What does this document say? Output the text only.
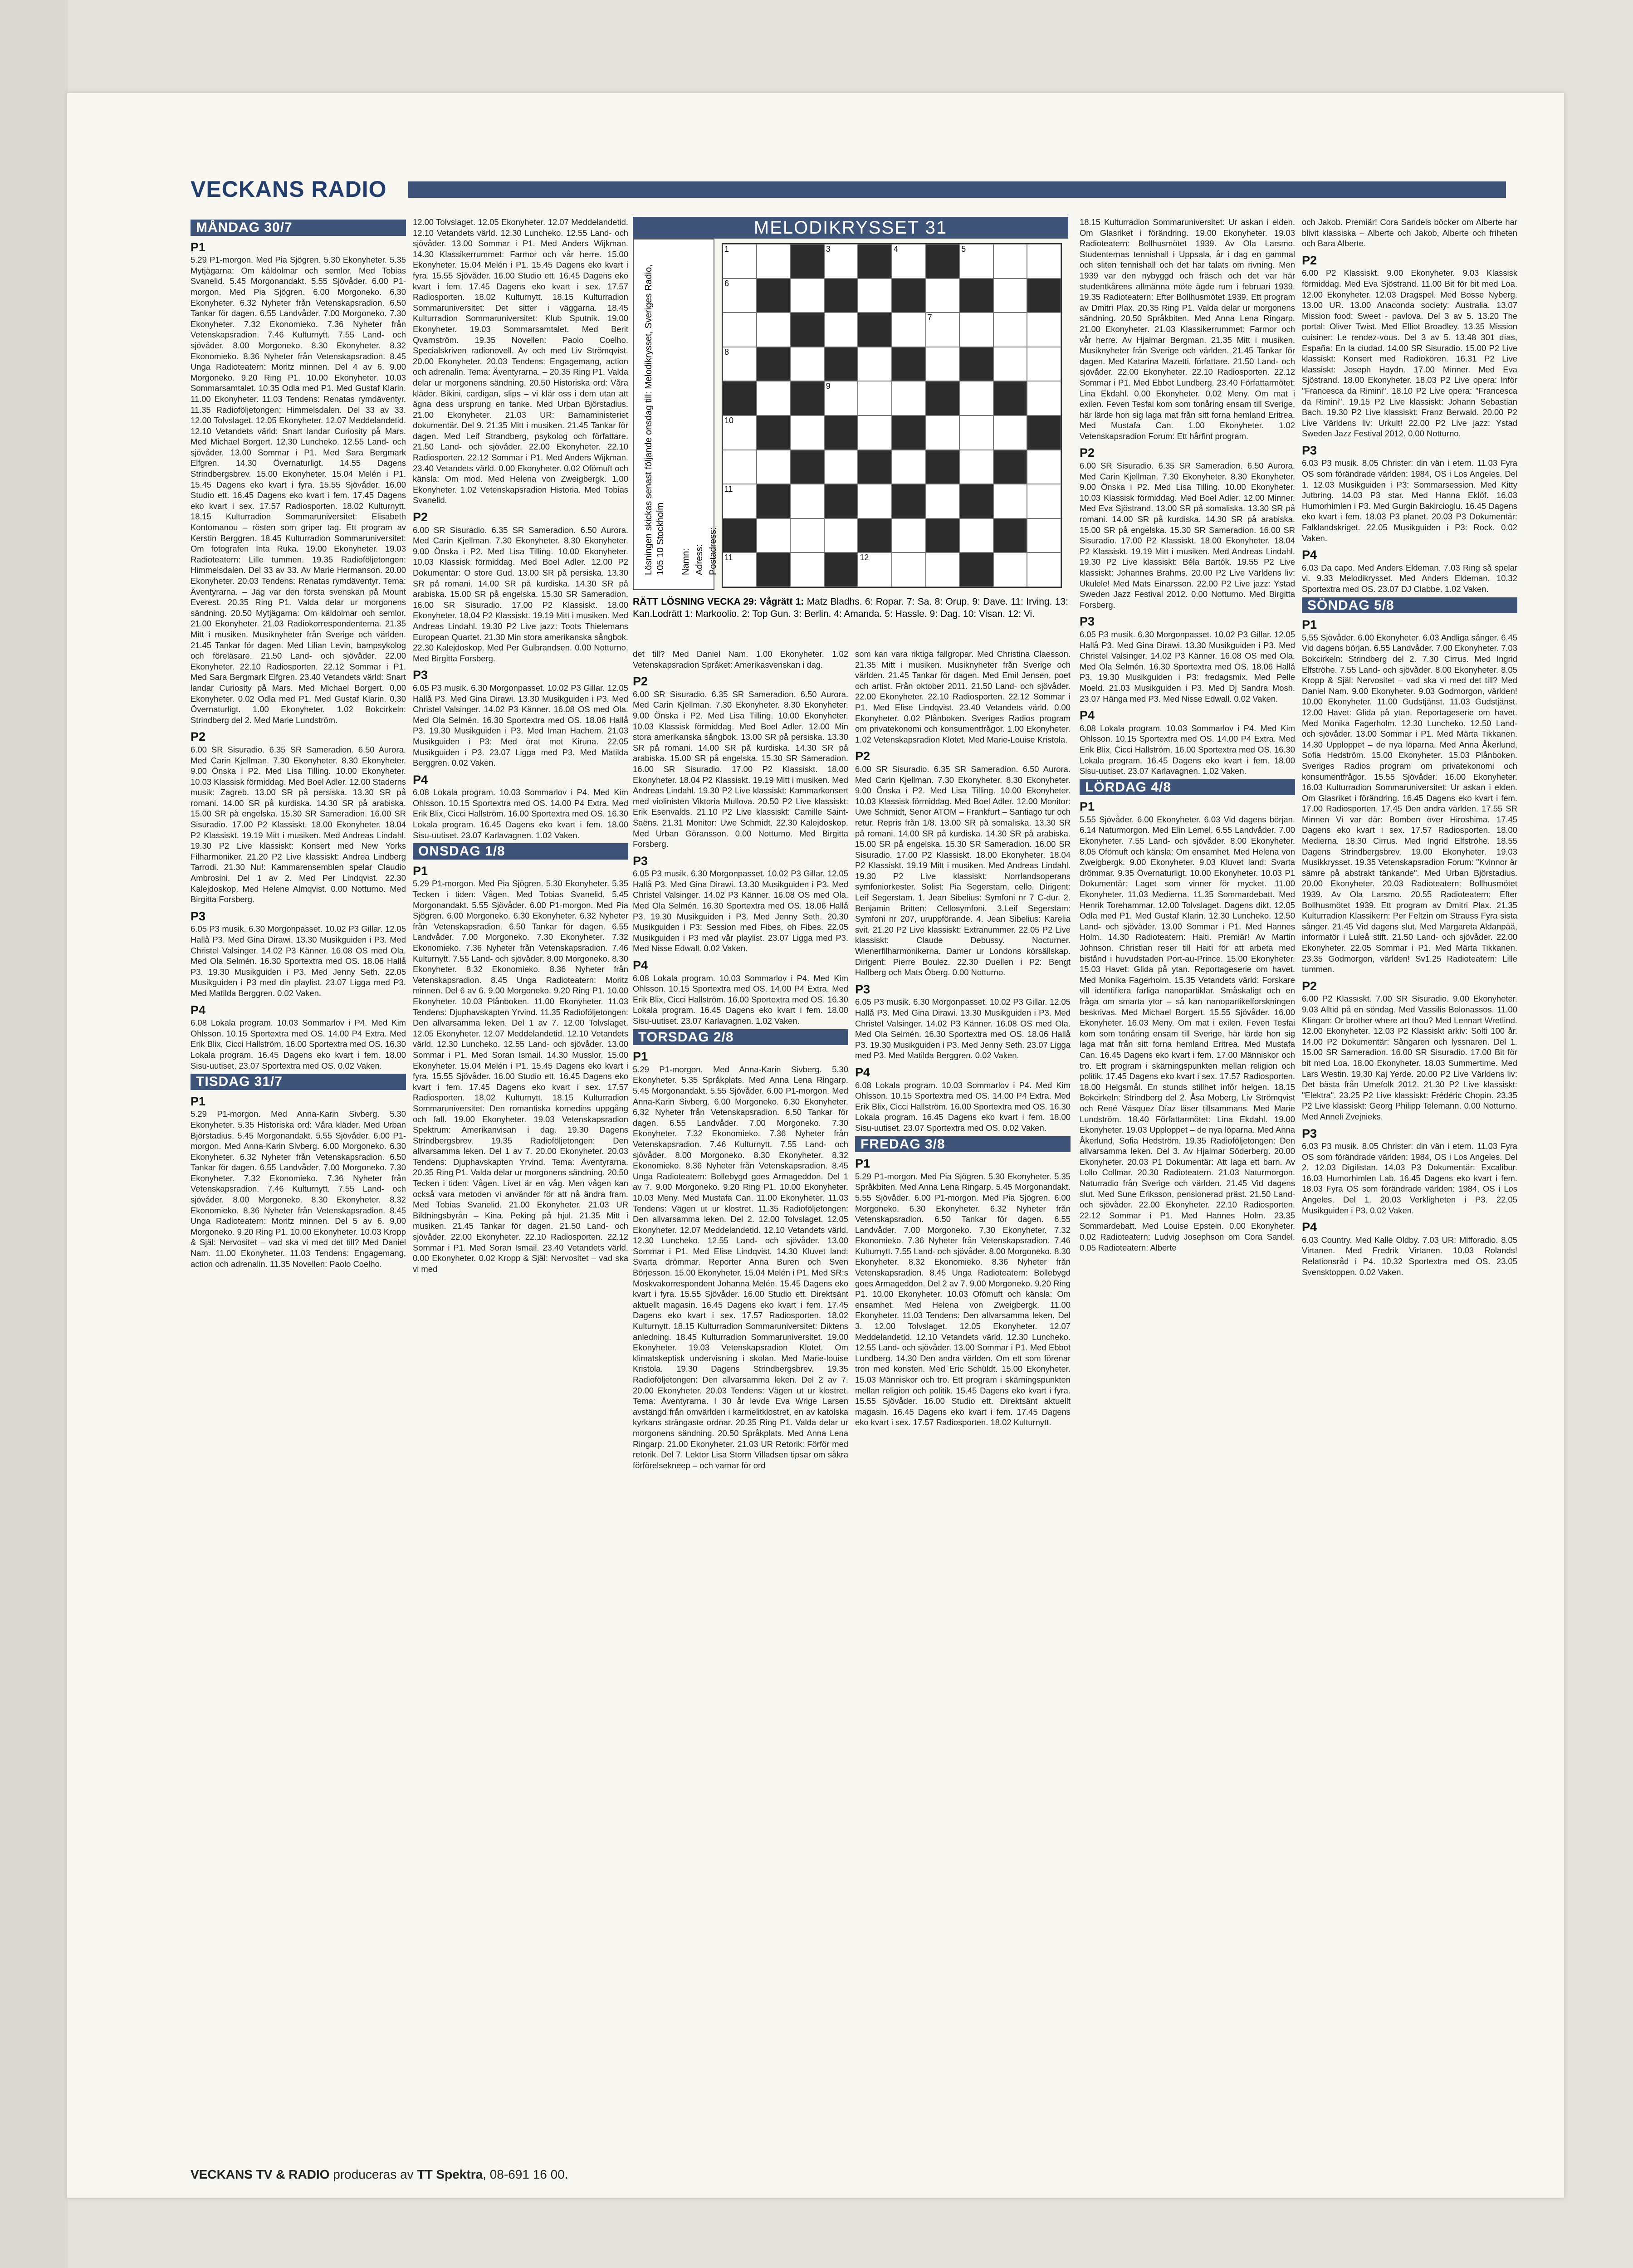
VECKANS RADIO
MÅNDAG 30/7
P1

5.29 P1-morgon. Med Pia Sjögren. 5.30 Ekonyheter. 5.35 Mytjägarna: Om käldolmar och semlor. Med Tobias Svanelid. 5.45 Morgonandakt. 5.55 Sjövåder. 6.00 P1-morgon. Med Pia Sjögren. 6.00 Morgoneko. 6.30 Ekonyheter. 6.32 Nyheter från Vetenskapsradion. 6.50 Tankar för dagen. 6.55 Landvåder. 7.00 Morgoneko. 7.30 Ekonyheter. 7.32 Ekonomieko. 7.36 Nyheter från Vetenskapsradion. 7.46 Kulturnytt. 7.55 Land- och sjövåder. 8.00 Morgoneko. 8.30 Ekonyheter. 8.32 Ekonomieko. 8.36 Nyheter från Vetenskapsradion. 8.45 Unga Radioteatern: Moritz minnen. Del 4 av 6. 9.00 Morgoneko. 9.20 Ring P1. 10.00 Ekonyheter. 10.03 Sommarsamtalet. 10.35 Odla med P1. Med Gustaf Klarin. 11.00 Ekonyheter. 11.03 Tendens: Renatas rymdäventyr. 11.35 Radioföljetongen: Himmelsdalen. Del 33 av 33. 12.00 Tolvslaget. 12.05 Ekonyheter. 12.07 Meddelandetid. 12.10 Vetandets värld: Snart landar Curiosity på Mars. Med Michael Borgert. 12.30 Luncheko. 12.55 Land- och sjövåder. 13.00 Sommar i P1. Med Sara Bergmark Elfgren. 14.30 Övernaturligt. 14.55 Dagens Strindbergsbrev. 15.00 Ekonyheter. 15.04 Melén i P1. 15.45 Dagens eko kvart i fyra. 15.55 Sjövåder. 16.00 Studio ett. 16.45 Dagens eko kvart i fem. 17.45 Dagens eko kvart i sex. 17.57 Radiosporten. 18.02 Kulturnytt. 18.15 Kulturradion Sommaruniversitet: Elisabeth Kontomanou – rösten som griper tag. Ett program av Kerstin Berggren. 18.45 Kulturradion Sommaruniversitet: Om fotografen Inta Ruka. 19.00 Ekonyheter. 19.03 Radioteatern: Lille tummen. 19.35 Radioföljetongen: Himmelsdalen. Del 33 av 33. Av Marie Hermanson. 20.00 Ekonyheter. 20.03 Tendens: Renatas rymdäventyr. Tema: Äventyrarna. – Jag var den första svenskan på Mount Everest. 20.35 Ring P1. Valda delar ur morgonens sändning. 20.50 Mytjägarna: Om käldolmar och semlor. 21.00 Ekonyheter. 21.03 Radiokorrespondenterna. 21.35 Mitt i musiken. Musiknyheter från Sverige och världen. 21.45 Tankar för dagen. Med Lilian Levin, bampsykolog och föreläsare. 21.50 Land- och sjövåder. 22.00 Ekonyheter. 22.10 Radiosporten. 22.12 Sommar i P1. Med Sara Bergmark Elfgren. 23.40 Vetandets värld: Snart landar Curiosity på Mars. Med Michael Borgert. 0.00 Ekonyheter. 0.02 Odla med P1. Med Gustaf Klarin. 0.30 Övernaturligt. 1.00 Ekonyheter. 1.02 Bokcirkeln: Strindberg del 2. Med Marie Lundström.

P2

6.00 SR Sisuradio. 6.35 SR Sameradion. 6.50 Aurora. Med Carin Kjellman. 7.30 Ekonyheter. 8.30 Ekonyheter. 9.00 Önska i P2. Med Lisa Tilling. 10.00 Ekonyheter. 10.03 Klassisk förmiddag. Med Boel Adler. 12.00 Staderns musik: Zagreb. 13.00 SR på persiska. 13.30 SR på romani. 14.00 SR på kurdiska. 14.30 SR på arabiska. 15.00 SR på engelska. 15.30 SR Sameradion. 16.00 SR Sisuradio. 17.00 P2 Klassiskt. 18.00 Ekonyheter. 18.04 P2 Klassiskt. 19.19 Mitt i musiken. Med Andreas Lindahl. 19.30 P2 Live klassiskt: Konsert med New Yorks Filharmoniker. 21.20 P2 Live klassiskt: Andrea Lindberg Tarrodi. 21.30 Nu!: Kammarensemblen spelar Claudio Ambrosini. Del 1 av 2. Med Per Lindqvist. 22.30 Kalejdoskop. Med Helene Almqvist. 0.00 Notturno. Med Birgitta Forsberg.

P3

6.05 P3 musik. 6.30 Morgonpasset. 10.02 P3 Gillar. 12.05 Hallå P3. Med Gina Dirawi. 13.30 Musikguiden i P3. Med Christel Valsinger. 14.02 P3 Känner. 16.08 OS med Ola. Med Ola Selmén. 16.30 Sportextra med OS. 18.06 Hallå P3. 19.30 Musikguiden i P3. Med Jenny Seth. 22.05 Musikguiden i P3 med din playlist. 23.07 Ligga med P3. Med Matilda Berggren. 0.02 Vaken.

P4

6.08 Lokala program. 10.03 Sommarlov i P4. Med Kim Ohlsson. 10.15 Sportextra med OS. 14.00 P4 Extra. Med Erik Blix, Cicci Hallström. 16.00 Sportextra med OS. 16.30 Lokala program. 16.45 Dagens eko kvart i fem. 18.00 Sisu-uutiset. 23.07 Sportextra med OS. 0.02 Vaken.

TISDAG 31/7
P1

5.29 P1-morgon. Med Anna-Karin Sivberg. 5.30 Ekonyheter. 5.35 Historiska ord: Våra kläder. Med Urban Björstadius. 5.45 Morgonandakt. 5.55 Sjövåder. 6.00 P1-morgon. Med Anna-Karin Sivberg. 6.00 Morgoneko. 6.30 Ekonyheter. 6.32 Nyheter från Vetenskapsradion. 6.50 Tankar för dagen. 6.55 Landvåder. 7.00 Morgoneko. 7.30 Ekonyheter. 7.32 Ekonomieko. 7.36 Nyheter från Vetenskapsradion. 7.46 Kulturnytt. 7.55 Land- och sjövåder. 8.00 Morgoneko. 8.30 Ekonyheter. 8.32 Ekonomieko. 8.36 Nyheter från Vetenskapsradion. 8.45 Unga Radioteatern: Moritz minnen. Del 5 av 6. 9.00 Morgoneko. 9.20 Ring P1. 10.00 Ekonyheter. 10.03 Kropp & Själ: Nervositet – vad ska vi med det till? Med Daniel Nam. 11.00 Ekonyheter. 11.03 Tendens: Engagemang, action och adrenalin. 11.35 Novellen: Paolo Coelho.

12.00 Tolvslaget. 12.05 Ekonyheter. 12.07 Meddelandetid. 12.10 Vetandets värld. 12.30 Luncheko. 12.55 Land- och sjövåder. 13.00 Sommar i P1. Med Anders Wijkman. 14.30 Klassikerrummet: Farmor och vår herre. 15.00 Ekonyheter. 15.04 Melén i P1. 15.45 Dagens eko kvart i fyra. 15.55 Sjövåder. 16.00 Studio ett. 16.45 Dagens eko kvart i fem. 17.45 Dagens eko kvart i sex. 17.57 Radiosporten. 18.02 Kulturnytt. 18.15 Kulturradion Sommaruniversitet: Det sitter i väggarna. 18.45 Kulturradion Sommaruniversitet: Klub Sputnik. 19.00 Ekonyheter. 19.03 Sommarsamtalet. Med Berit Qvarnström. 19.35 Novellen: Paolo Coelho. Specialskriven radionovell. Av och med Liv Strömqvist. 20.00 Ekonyheter. 20.03 Tendens: Engagemang, action och adrenalin. Tema: Äventyrarna. – 20.35 Ring P1. Valda delar ur morgonens sändning. 20.50 Historiska ord: Våra kläder. Bikini, cardigan, slips – vi klär oss i dem utan att ägna dess ursprung en tanke. Med Urban Björstadius. 21.00 Ekonyheter. 21.03 UR: Barnaministeriet dokumentär. Del 9. 21.35 Mitt i musiken. 21.45 Tankar för dagen. Med Leif Strandberg, psykolog och författare. 21.50 Land- och sjövåder. 22.00 Ekonyheter. 22.10 Radiosporten. 22.12 Sommar i P1. Med Anders Wijkman. 23.40 Vetandets värld. 0.00 Ekonyheter. 0.02 Ofömuft och känsla: Om mod. Med Helena von Zweigbergk. 1.00 Ekonyheter. 1.02 Vetenskapsradion Historia. Med Tobias Svanelid.

P2

6.00 SR Sisuradio. 6.35 SR Sameradion. 6.50 Aurora. Med Carin Kjellman. 7.30 Ekonyheter. 8.30 Ekonyheter. 9.00 Önska i P2. Med Lisa Tilling. 10.00 Ekonyheter. 10.03 Klassisk förmiddag. Med Boel Adler. 12.00 P2 Dokumentär: O store Gud. 13.00 SR på persiska. 13.30 SR på romani. 14.00 SR på kurdiska. 14.30 SR på arabiska. 15.00 SR på engelska. 15.30 SR Sameradion. 16.00 SR Sisuradio. 17.00 P2 Klassiskt. 18.00 Ekonyheter. 18.04 P2 Klassiskt. 19.19 Mitt i musiken. Med Andreas Lindahl. 19.30 P2 Live jazz: Toots Thielemans European Quartet. 21.30 Min stora amerikanska sångbok. 22.30 Kalejdoskop. Med Per Gulbrandsen. 0.00 Notturno. Med Birgitta Forsberg.

P3

6.05 P3 musik. 6.30 Morgonpasset. 10.02 P3 Gillar. 12.05 Hallå P3. Med Gina Dirawi. 13.30 Musikguiden i P3. Med Christel Valsinger. 14.02 P3 Känner. 16.08 OS med Ola. Med Ola Selmén. 16.30 Sportextra med OS. 18.06 Hallå P3. 19.30 Musikguiden i P3. Med Iman Hachem. 21.03 Musikguiden i P3: Med örat mot Kiruna. 22.05 Musikguiden i P3. 23.07 Ligga med P3. Med Matilda Berggren. 0.02 Vaken.

P4

6.08 Lokala program. 10.03 Sommarlov i P4. Med Kim Ohlsson. 10.15 Sportextra med OS. 14.00 P4 Extra. Med Erik Blix, Cicci Hallström. 16.00 Sportextra med OS. 16.30 Lokala program. 16.45 Dagens eko kvart i fem. 18.00 Sisu-uutiset. 23.07 Karlavagnen. 1.02 Vaken.

ONSDAG 1/8
P1

5.29 P1-morgon. Med Pia Sjögren. 5.30 Ekonyheter. 5.35 Tecken i tiden: Vågen. Med Tobias Svanelid. 5.45 Morgonandakt. 5.55 Sjövåder. 6.00 P1-morgon. Med Pia Sjögren. 6.00 Morgoneko. 6.30 Ekonyheter. 6.32 Nyheter från Vetenskapsradion. 6.50 Tankar för dagen. 6.55 Landvåder. 7.00 Morgoneko. 7.30 Ekonyheter. 7.32 Ekonomieko. 7.36 Nyheter från Vetenskapsradion. 7.46 Kulturnytt. 7.55 Land- och sjövåder. 8.00 Morgoneko. 8.30 Ekonyheter. 8.32 Ekonomieko. 8.36 Nyheter från Vetenskapsradion. 8.45 Unga Radioteatern: Moritz minnen. Del 6 av 6. 9.00 Morgoneko. 9.20 Ring P1. 10.00 Ekonyheter. 10.03 Plånboken. 11.00 Ekonyheter. 11.03 Tendens: Djuphavskapten Yrvind. 11.35 Radioföljetongen: Den allvarsamma leken. Del 1 av 7. 12.00 Tolvslaget. 12.05 Ekonyheter. 12.07 Meddelandetid. 12.10 Vetandets värld. 12.30 Luncheko. 12.55 Land- och sjövåder. 13.00 Sommar i P1. Med Soran Ismail. 14.30 Musslor. 15.00 Ekonyheter. 15.04 Melén i P1. 15.45 Dagens eko kvart i fyra. 15.55 Sjövåder. 16.00 Studio ett. 16.45 Dagens eko kvart i fem. 17.45 Dagens eko kvart i sex. 17.57 Radiosporten. 18.02 Kulturnytt. 18.15 Kulturradion Sommaruniversitet: Den romantiska komedins uppgång och fall. 19.00 Ekonyheter. 19.03 Vetenskapsradion Spektrum: Amerikanvisan i dag. 19.30 Dagens Strindbergsbrev. 19.35 Radioföljetongen: Den allvarsamma leken. Del 1 av 7. 20.00 Ekonyheter. 20.03 Tendens: Djuphavskapten Yrvind. Tema: Äventyrarna. 20.35 Ring P1. Valda delar ur morgonens sändning. 20.50 Tecken i tiden: Vågen. Livet är en våg. Men vågen kan också vara metoden vi använder för att nå ändra fram. Med Tobias Svanelid. 21.00 Ekonyheter. 21.03 UR Bildningsbyrån – Kina. Peking på hjul. 21.35 Mitt i musiken. 21.45 Tankar för dagen. 21.50 Land- och sjövåder. 22.00 Ekonyheter. 22.10 Radiosporten. 22.12 Sommar i P1. Med Soran Ismail. 23.40 Vetandets värld. 0.00 Ekonyheter. 0.02 Kropp & Själ: Nervositet – vad ska vi med

MELODIKRYSSET 31
Lösningen skickas senast följande onsdag till: Melodikrysset, Sveriges Radio, 105 10 Stockholm Namn: Adress: Postadress:
1	3	4	5
6
7
8
9
10
11
11	12
RÄTT LÖSNING VECKA 29: Vågrätt 1: Matz Bladhs. 6: Ropar. 7: Sa. 8: Orup. 9: Dave. 11: Irving. 13: Kan.Lodrätt 1: Markoolio. 2: Top Gun. 3: Berlin. 4: Amanda. 5: Hassle. 9: Dag. 10: Visan. 12: Vi.

det till? Med Daniel Nam. 1.00 Ekonyheter. 1.02 Vetenskapsradion Språket: Amerikasvenskan i dag.

P2

6.00 SR Sisuradio. 6.35 SR Sameradion. 6.50 Aurora. Med Carin Kjellman. 7.30 Ekonyheter. 8.30 Ekonyheter. 9.00 Önska i P2. Med Lisa Tilling. 10.00 Ekonyheter. 10.03 Klassisk förmiddag. Med Boel Adler. 12.00 Min stora amerikanska sångbok. 13.00 SR på persiska. 13.30 SR på romani. 14.00 SR på kurdiska. 14.30 SR på arabiska. 15.00 SR på engelska. 15.30 SR Sameradion. 16.00 SR Sisuradio. 17.00 P2 Klassiskt. 18.00 Ekonyheter. 18.04 P2 Klassiskt. 19.19 Mitt i musiken. Med Andreas Lindahl. 19.30 P2 Live klassiskt: Kammarkonsert med violinisten Viktoria Mullova. 20.50 P2 Live klassiskt: Erik Esenvalds. 21.10 P2 Live klassiskt: Camille Saint-Saëns. 21.31 Monitor: Uwe Schmidt. 22.30 Kalejdoskop. Med Urban Göransson. 0.00 Notturno. Med Birgitta Forsberg.

P3

6.05 P3 musik. 6.30 Morgonpasset. 10.02 P3 Gillar. 12.05 Hallå P3. Med Gina Dirawi. 13.30 Musikguiden i P3. Med Christel Valsinger. 14.02 P3 Känner. 16.08 OS med Ola. Med Ola Selmén. 16.30 Sportextra med OS. 18.06 Hallå P3. 19.30 Musikguiden i P3. Med Jenny Seth. 20.30 Musikguiden i P3: Session med Fibes, oh Fibes. 22.05 Musikguiden i P3 med vår playlist. 23.07 Ligga med P3. Med Nisse Edwall. 0.02 Vaken.

P4

6.08 Lokala program. 10.03 Sommarlov i P4. Med Kim Ohlsson. 10.15 Sportextra med OS. 14.00 P4 Extra. Med Erik Blix, Cicci Hallström. 16.00 Sportextra med OS. 16.30 Lokala program. 16.45 Dagens eko kvart i fem. 18.00 Sisu-uutiset. 23.07 Karlavagnen. 1.02 Vaken.

TORSDAG 2/8
P1

5.29 P1-morgon. Med Anna-Karin Sivberg. 5.30 Ekonyheter. 5.35 Språkplats. Med Anna Lena Ringarp. 5.45 Morgonandakt. 5.55 Sjövåder. 6.00 P1-morgon. Med Anna-Karin Sivberg. 6.00 Morgoneko. 6.30 Ekonyheter. 6.32 Nyheter från Vetenskapsradion. 6.50 Tankar för dagen. 6.55 Landvåder. 7.00 Morgoneko. 7.30 Ekonyheter. 7.32 Ekonomieko. 7.36 Nyheter från Vetenskapsradion. 7.46 Kulturnytt. 7.55 Land- och sjövåder. 8.00 Morgoneko. 8.30 Ekonyheter. 8.32 Ekonomieko. 8.36 Nyheter från Vetenskapsradion. 8.45 Unga Radioteatern: Bollebygd goes Armageddon. Del 1 av 7. 9.00 Morgoneko. 9.20 Ring P1. 10.00 Ekonyheter. 10.03 Meny. Med Mustafa Can. 11.00 Ekonyheter. 11.03 Tendens: Vägen ut ur klostret. 11.35 Radioföljetongen: Den allvarsamma leken. Del 2. 12.00 Tolvslaget. 12.05 Ekonyheter. 12.07 Meddelandetid. 12.10 Vetandets värld. 12.30 Luncheko. 12.55 Land- och sjövåder. 13.00 Sommar i P1. Med Elise Lindqvist. 14.30 Kluvet land: Svarta drömmar. Reporter Anna Buren och Sven Börjesson. 15.00 Ekonyheter. 15.04 Melén i P1. Med SR:s Moskvakorrespondent Johanna Melén. 15.45 Dagens eko kvart i fyra. 15.55 Sjövåder. 16.00 Studio ett. Direktsänt aktuellt magasin. 16.45 Dagens eko kvart i fem. 17.45 Dagens eko kvart i sex. 17.57 Radiosporten. 18.02 Kulturnytt. 18.15 Kulturradion Sommaruniversitet: Diktens anledning. 18.45 Kulturradion Sommaruniversitet. 19.00 Ekonyheter. 19.03 Vetenskapsradion Klotet. Om klimatskeptisk undervisning i skolan. Med Marie-louise Kristola. 19.30 Dagens Strindbergsbrev. 19.35 Radioföljetongen: Den allvarsamma leken. Del 2 av 7. 20.00 Ekonyheter. 20.03 Tendens: Vägen ut ur klostret. Tema: Äventyrarna. I 30 år levde Eva Wrige Larsen avstängd från omvärlden i karmelitklostret, en av katolska kyrkans strängaste ordnar. 20.35 Ring P1. Valda delar ur morgonens sändning. 20.50 Språkplats. Med Anna Lena Ringarp. 21.00 Ekonyheter. 21.03 UR Retorik: Förför med retorik. Del 7. Lektor Lisa Storm Villadsen tipsar om såkra förförelsekneep – och varnar för ord

som kan vara riktiga fallgropar. Med Christina Claesson. 21.35 Mitt i musiken. Musiknyheter från Sverige och världen. 21.45 Tankar för dagen. Med Emil Jensen, poet och artist. Från oktober 2011. 21.50 Land- och sjövåder. 22.00 Ekonyheter. 22.10 Radiosporten. 22.12 Sommar i P1. Med Elise Lindqvist. 23.40 Vetandets värld. 0.00 Ekonyheter. 0.02 Plånboken. Sveriges Radios program om privatekonomi och konsumentfrågor. 1.00 Ekonyheter. 1.02 Vetenskapsradion Klotet. Med Marie-Louise Kristola.

P2

6.00 SR Sisuradio. 6.35 SR Sameradion. 6.50 Aurora. Med Carin Kjellman. 7.30 Ekonyheter. 8.30 Ekonyheter. 9.00 Önska i P2. Med Lisa Tilling. 10.00 Ekonyheter. 10.03 Klassisk förmiddag. Med Boel Adler. 12.00 Monitor: Uwe Schmidt, Senor ATOM – Frankfurt – Santiago tur och retur. Repris från 1/8. 13.00 SR på somaliska. 13.30 SR på romani. 14.00 SR på kurdiska. 14.30 SR på arabiska. 15.00 SR på engelska. 15.30 SR Sameradion. 16.00 SR Sisuradio. 17.00 P2 Klassiskt. 18.00 Ekonyheter. 18.04 P2 Klassiskt. 19.19 Mitt i musiken. Med Andreas Lindahl. 19.30 P2 Live klassiskt: Norrlandsoperans symfoniorkester. Solist: Pia Segerstam, cello. Dirigent: Leif Segerstam. 1. Jean Sibelius: Symfoni nr 7 C-dur. 2. Benjamin Britten: Cellosymfoni. 3.Leif Segerstam: Symfoni nr 207, uruppförande. 4. Jean Sibelius: Karelia svit. 21.20 P2 Live klassiskt: Extranummer. 22.05 P2 Live klassiskt: Claude Debussy. Nocturner. Wienerfilharmonikerna. Damer ur Londons körsällskap. Dirigent: Pierre Boulez. 22.30 Duellen i P2: Bengt Hallberg och Mats Öberg. 0.00 Notturno.

P3

6.05 P3 musik. 6.30 Morgonpasset. 10.02 P3 Gillar. 12.05 Hallå P3. Med Gina Dirawi. 13.30 Musikguiden i P3. Med Christel Valsinger. 14.02 P3 Känner. 16.08 OS med Ola. Med Ola Selmén. 16.30 Sportextra med OS. 18.06 Hallå P3. 19.30 Musikguiden i P3. Med Jenny Seth. 23.07 Ligga med P3. Med Matilda Berggren. 0.02 Vaken.

P4

6.08 Lokala program. 10.03 Sommarlov i P4. Med Kim Ohlsson. 10.15 Sportextra med OS. 14.00 P4 Extra. Med Erik Blix, Cicci Hallström. 16.00 Sportextra med OS. 16.30 Lokala program. 16.45 Dagens eko kvart i fem. 18.00 Sisu-uutiset. 23.07 Sportextra med OS. 0.02 Vaken.

FREDAG 3/8
P1

5.29 P1-morgon. Med Pia Sjögren. 5.30 Ekonyheter. 5.35 Språkbiten. Med Anna Lena Ringarp. 5.45 Morgonandakt. 5.55 Sjövåder. 6.00 P1-morgon. Med Pia Sjögren. 6.00 Morgoneko. 6.30 Ekonyheter. 6.32 Nyheter från Vetenskapsradion. 6.50 Tankar för dagen. 6.55 Landvåder. 7.00 Morgoneko. 7.30 Ekonyheter. 7.32 Ekonomieko. 7.36 Nyheter från Vetenskapsradion. 7.46 Kulturnytt. 7.55 Land- och sjövåder. 8.00 Morgoneko. 8.30 Ekonyheter. 8.32 Ekonomieko. 8.36 Nyheter från Vetenskapsradion. 8.45 Unga Radioteatern: Bollebygd goes Armageddon. Del 2 av 7. 9.00 Morgoneko. 9.20 Ring P1. 10.00 Ekonyheter. 10.03 Ofömuft och känsla: Om ensamhet. Med Helena von Zweigbergk. 11.00 Ekonyheter. 11.03 Tendens: Den allvarsamma leken. Del 3. 12.00 Tolvslaget. 12.05 Ekonyheter. 12.07 Meddelandetid. 12.10 Vetandets värld. 12.30 Luncheko. 12.55 Land- och sjövåder. 13.00 Sommar i P1. Med Ebbot Lundberg. 14.30 Den andra världen. Om ett som förenar tron med konsten. Med Eric Schüldt. 15.00 Ekonyheter. 15.03 Människor och tro. Ett program i skärningspunkten mellan religion och politik. 15.45 Dagens eko kvart i fyra. 15.55 Sjövåder. 16.00 Studio ett. Direktsänt aktuellt magasin. 16.45 Dagens eko kvart i fem. 17.45 Dagens eko kvart i sex. 17.57 Radiosporten. 18.02 Kulturnytt.

18.15 Kulturradion Sommaruniversitet: Ur askan i elden. Om Glasriket i förändring. 19.00 Ekonyheter. 19.03 Radioteatern: Bollhusmötet 1939. Av Ola Larsmo. Studenternas tennishall i Uppsala, år i dag en gammal och sliten tennishall och det har talats om rivning. Men 1939 var den nybyggd och fräsch och det var här studentkårens allmänna möte ägde rum i februari 1939. 19.35 Radioteatern: Efter Bollhusmötet 1939. Ett program av Dmitri Plax. 20.35 Ring P1. Valda delar ur morgonens sändning. 20.50 Språkbiten. Med Anna Lena Ringarp. 21.00 Ekonyheter. 21.03 Klassikerrummet: Farmor och vår herre. Av Hjalmar Bergman. 21.35 Mitt i musiken. Musiknyheter från Sverige och världen. 21.45 Tankar för dagen. Med Katarina Mazetti, författare. 21.50 Land- och sjövåder. 22.00 Ekonyheter. 22.10 Radiosporten. 22.12 Sommar i P1. Med Ebbot Lundberg. 23.40 Författarmötet: Lina Ekdahl. 0.00 Ekonyheter. 0.02 Meny. Om mat i exilen. Feven Tesfai kom som tonåring ensam till Sverige, här lärde hon sig laga mat från sitt forna hemland Eritrea. Med Mustafa Can. 1.00 Ekonyheter. 1.02 Vetenskapsradion Forum: Ett hårfint program.

P2

6.00 SR Sisuradio. 6.35 SR Sameradion. 6.50 Aurora. Med Carin Kjellman. 7.30 Ekonyheter. 8.30 Ekonyheter. 9.00 Önska i P2. Med Lisa Tilling. 10.00 Ekonyheter. 10.03 Klassisk förmiddag. Med Boel Adler. 12.00 Minner. Med Eva Sjöstrand. 13.00 SR på somaliska. 13.30 SR på romani. 14.00 SR på kurdiska. 14.30 SR på arabiska. 15.00 SR på engelska. 15.30 SR Sameradion. 16.00 SR Sisuradio. 17.00 P2 Klassiskt. 18.00 Ekonyheter. 18.04 P2 Klassiskt. 19.19 Mitt i musiken. Med Andreas Lindahl. 19.30 P2 Live klassiskt: Béla Bartók. 19.55 P2 Live klassiskt: Johannes Brahms. 20.00 P2 Live Världens liv: Ukulele! Med Mats Einarsson. 22.00 P2 Live jazz: Ystad Sweden Jazz Festival 2012. 0.00 Notturno. Med Birgitta Forsberg.

P3

6.05 P3 musik. 6.30 Morgonpasset. 10.02 P3 Gillar. 12.05 Hallå P3. Med Gina Dirawi. 13.30 Musikguiden i P3. Med Christel Valsinger. 14.02 P3 Känner. 16.08 OS med Ola. Med Ola Selmén. 16.30 Sportextra med OS. 18.06 Hallå P3. 19.30 Musikguiden i P3: fredagsmix. Med Pelle Moeld. 21.03 Musikguiden i P3. Med Dj Sandra Mosh. 23.07 Hänga med P3. Med Nisse Edwall. 0.02 Vaken.

P4

6.08 Lokala program. 10.03 Sommarlov i P4. Med Kim Ohlsson. 10.15 Sportextra med OS. 14.00 P4 Extra. Med Erik Blix, Cicci Hallström. 16.00 Sportextra med OS. 16.30 Lokala program. 16.45 Dagens eko kvart i fem. 18.00 Sisu-uutiset. 23.07 Karlavagnen. 1.02 Vaken.

LÖRDAG 4/8
P1

5.55 Sjövåder. 6.00 Ekonyheter. 6.03 Vid dagens början. 6.14 Naturmorgon. Med Elin Lemel. 6.55 Landvåder. 7.00 Ekonyheter. 7.55 Land- och sjövåder. 8.00 Ekonyheter. 8.05 Ofömuft och känsla: Om ensamhet. Med Helena von Zweigbergk. 9.00 Ekonyheter. 9.03 Kluvet land: Svarta drömmar. 9.35 Övernaturligt. 10.00 Ekonyheter. 10.03 P1 Dokumentär: Laget som vinner för mycket. 11.00 Ekonyheter. 11.03 Medierna. 11.35 Sommardebatt. Med Henrik Torehammar. 12.00 Tolvslaget. Dagens dikt. 12.05 Odla med P1. Med Gustaf Klarin. 12.30 Luncheko. 12.50 Land- och sjövåder. 13.00 Sommar i P1. Med Hannes Holm. 14.30 Radioteatern: Haiti. Premiär! Av Martin Johnson. Christian reser till Haiti för att arbeta med bistånd i huvudstaden Port-au-Prince. 15.00 Ekonyheter. 15.03 Havet: Glida på ytan. Reportageserie om havet. Med Monika Fagerholm. 15.35 Vetandets värld: Forskare vill identifiera farliga nanopartiklar. Småskaligt och en fråga om smarta ytor – så kan nanopartikelforskningen beskrivas. Med Michael Borgert. 15.55 Sjövåder. 16.00 Ekonyheter. 16.03 Meny. Om mat i exilen. Feven Tesfai kom som tonåring ensam till Sverige, här lärde hon sig laga mat från sitt forna hemland Eritrea. Med Mustafa Can. 16.45 Dagens eko kvart i fem. 17.00 Människor och tro. Ett program i skärningspunkten mellan religion och politik. 17.45 Dagens eko kvart i sex. 17.57 Radiosporten. 18.00 Helgsmål. En stunds stillhet inför helgen. 18.15 Bokcirkeln: Strindberg del 2. Åsa Moberg, Liv Strömqvist och René Vásquez Díaz läser tillsammans. Med Marie Lundström. 18.40 Författarmötet: Lina Ekdahl. 19.00 Ekonyheter. 19.03 Upploppet – de nya löparna. Med Anna Åkerlund, Sofia Hedström. 19.35 Radioföljetongen: Den allvarsamma leken. Del 3. Av Hjalmar Söderberg. 20.00 Ekonyheter. 20.03 P1 Dokumentär: Att laga ett barn. Av Lollo Collmar. 20.30 Radioteatern. 21.03 Naturmorgon. Naturradio från Sverige och världen. 21.45 Vid dagens slut. Med Sune Eriksson, pensionerad präst. 21.50 Land- och sjövåder. 22.00 Ekonyheter. 22.10 Radiosporten. 22.12 Sommar i P1. Med Hannes Holm. 23.35 Sommardebatt. Med Louise Epstein. 0.00 Ekonyheter. 0.02 Radioteatern: Ludvig Josephson om Cora Sandel. 0.05 Radioteatern: Alberte

och Jakob. Premiär! Cora Sandels böcker om Alberte har blivit klassiska – Alberte och Jakob, Alberte och friheten och Bara Alberte.

P2

6.00 P2 Klassiskt. 9.00 Ekonyheter. 9.03 Klassisk förmiddag. Med Eva Sjöstrand. 11.00 Bit för bit med Loa. 12.00 Ekonyheter. 12.03 Dragspel. Med Bosse Nyberg. 13.00 UR. 13.00 Anaconda society: Australia. 13.07 Mission food: Sweet - pavlova. Del 3 av 5. 13.20 The portal: Oliver Twist. Med Elliot Broadley. 13.35 Mission cuisiner: Le rendez-vous. Del 3 av 5. 13.48 301 días, España: En la ciudad. 14.00 SR Sisuradio. 15.00 P2 Live klassiskt: Konsert med Radiokören. 16.31 P2 Live klassiskt: Joseph Haydn. 17.00 Minner. Med Eva Sjöstrand. 18.00 Ekonyheter. 18.03 P2 Live opera: Inför "Francesca da Rimini". 18.10 P2 Live opera: "Francesca da Rimini". 19.15 P2 Live klassiskt: Johann Sebastian Bach. 19.30 P2 Live klassiskt: Franz Berwald. 20.00 P2 Live Världens liv: Urkult! 22.00 P2 Live jazz: Ystad Sweden Jazz Festival 2012. 0.00 Notturno.

P3

6.03 P3 musik. 8.05 Christer: din vän i etern. 11.03 Fyra OS som förändrade världen: 1984, OS i Los Angeles. Del 1. 12.03 Musikguiden i P3: Sommarsession. Med Kitty Jutbring. 14.03 P3 star. Med Hanna Eklöf. 16.03 Humorhimlen i P3. Med Gurgin Bakircioglu. 16.45 Dagens eko kvart i fem. 18.03 P3 planet. 20.03 P3 Dokumentär: Falklandskriget. 22.05 Musikguiden i P3: Rock. 0.02 Vaken.

P4

6.03 Da capo. Med Anders Eldeman. 7.03 Ring så spelar vi. 9.33 Melodikrysset. Med Anders Eldeman. 10.32 Sportextra med OS. 23.07 DJ Clabbe. 1.02 Vaken.

SÖNDAG 5/8
P1

5.55 Sjövåder. 6.00 Ekonyheter. 6.03 Andliga sånger. 6.45 Vid dagens början. 6.55 Landvåder. 7.00 Ekonyheter. 7.03 Bokcirkeln: Strindberg del 2. 7.30 Cirrus. Med Ingrid Elfströhe. 7.55 Land- och sjövåder. 8.00 Ekonyheter. 8.05 Kropp & Själ: Nervositet – vad ska vi med det till? Med Daniel Nam. 9.00 Ekonyheter. 9.03 Godmorgon, världen! 10.00 Ekonyheter. 11.00 Gudstjänst. 11.03 Gudstjänst. 12.00 Havet: Glida på ytan. Reportageserie om havet. Med Monika Fagerholm. 12.30 Luncheko. 12.50 Land- och sjövåder. 13.00 Sommar i P1. Med Märta Tikkanen. 14.30 Upploppet – de nya löparna. Med Anna Åkerlund, Sofia Hedström. 15.00 Ekonyheter. 15.03 Plånboken. Sveriges Radios program om privatekonomi och konsumentfrågor. 15.55 Sjövåder. 16.00 Ekonyheter. 16.03 Kulturradion Sommaruniversitet: Ur askan i elden. Om Glasriket i förändring. 16.45 Dagens eko kvart i fem. 17.00 Radiosporten. 17.45 Den andra världen. 17.55 SR Minnen Vi var där: Bomben över Hiroshima. 17.45 Dagens eko kvart i sex. 17.57 Radiosporten. 18.00 Medierna. 18.30 Cirrus. Med Ingrid Elfströhe. 18.55 Dagens Strindbergsbrev. 19.00 Ekonyheter. 19.03 Musikkrysset. 19.35 Vetenskapsradion Forum: "Kvinnor är sämre på abstrakt tänkande". Med Urban Björstadius. 20.00 Ekonyheter. 20.03 Radioteatern: Bollhusmötet 1939. Av Ola Larsmo. 20.55 Radioteatern: Efter Bollhusmötet 1939. Ett program av Dmitri Plax. 21.35 Kulturradion Klassikern: Per Feltzin om Strauss Fyra sista sånger. 21.45 Vid dagens slut. Med Margareta Aldanpää, informatör i Luleå stift. 21.50 Land- och sjövåder. 22.00 Ekonyheter. 22.05 Sommar i P1. Med Märta Tikkanen. 23.35 Godmorgon, världen! Sv1.25 Radioteatern: Lille tummen.

P2

6.00 P2 Klassiskt. 7.00 SR Sisuradio. 9.00 Ekonyheter. 9.03 Alltid på en söndag. Med Vassilis Bolonassos. 11.00 Klingan: Or brother where art thou? Med Lennart Wretlind. 12.00 Ekonyheter. 12.03 P2 Klassiskt arkiv: Solti 100 år. 14.00 P2 Dokumentär: Sångaren och lyssnaren. Del 1. 15.00 SR Sameradion. 16.00 SR Sisuradio. 17.00 Bit för bit med Loa. 18.00 Ekonyheter. 18.03 Summertime. Med Lars Westin. 19.30 Kaj Yerde. 20.00 P2 Live Världens liv: Det bästa från Umefolk 2012. 21.30 P2 Live klassiskt: "Elektra". 23.25 P2 Live klassiskt: Frédéric Chopin. 23.35 P2 Live klassiskt: Georg Philipp Telemann. 0.00 Notturno. Med Anneli Zvejnieks.

P3

6.03 P3 musik. 8.05 Christer: din vän i etern. 11.03 Fyra OS som förändrade världen: 1984, OS i Los Angeles. Del 2. 12.03 Digilistan. 14.03 P3 Dokumentär: Excalibur. 16.03 Humorhimlen Lab. 16.45 Dagens eko kvart i fem. 18.03 Fyra OS som förändrade världen: 1984, OS i Los Angeles. Del 1. 20.03 Verkligheten i P3. 22.05 Musikguiden i P3. 0.02 Vaken.

P4

6.03 Country. Med Kalle Oldby. 7.03 UR: Mifforadio. 8.05 Virtanen. Med Fredrik Virtanen. 10.03 Rolands! Relationsråd i P4. 10.32 Sportextra med OS. 23.05 Svensktoppen. 0.02 Vaken.

VECKANS TV & RADIO produceras av TT Spektra, 08-691 16 00.
